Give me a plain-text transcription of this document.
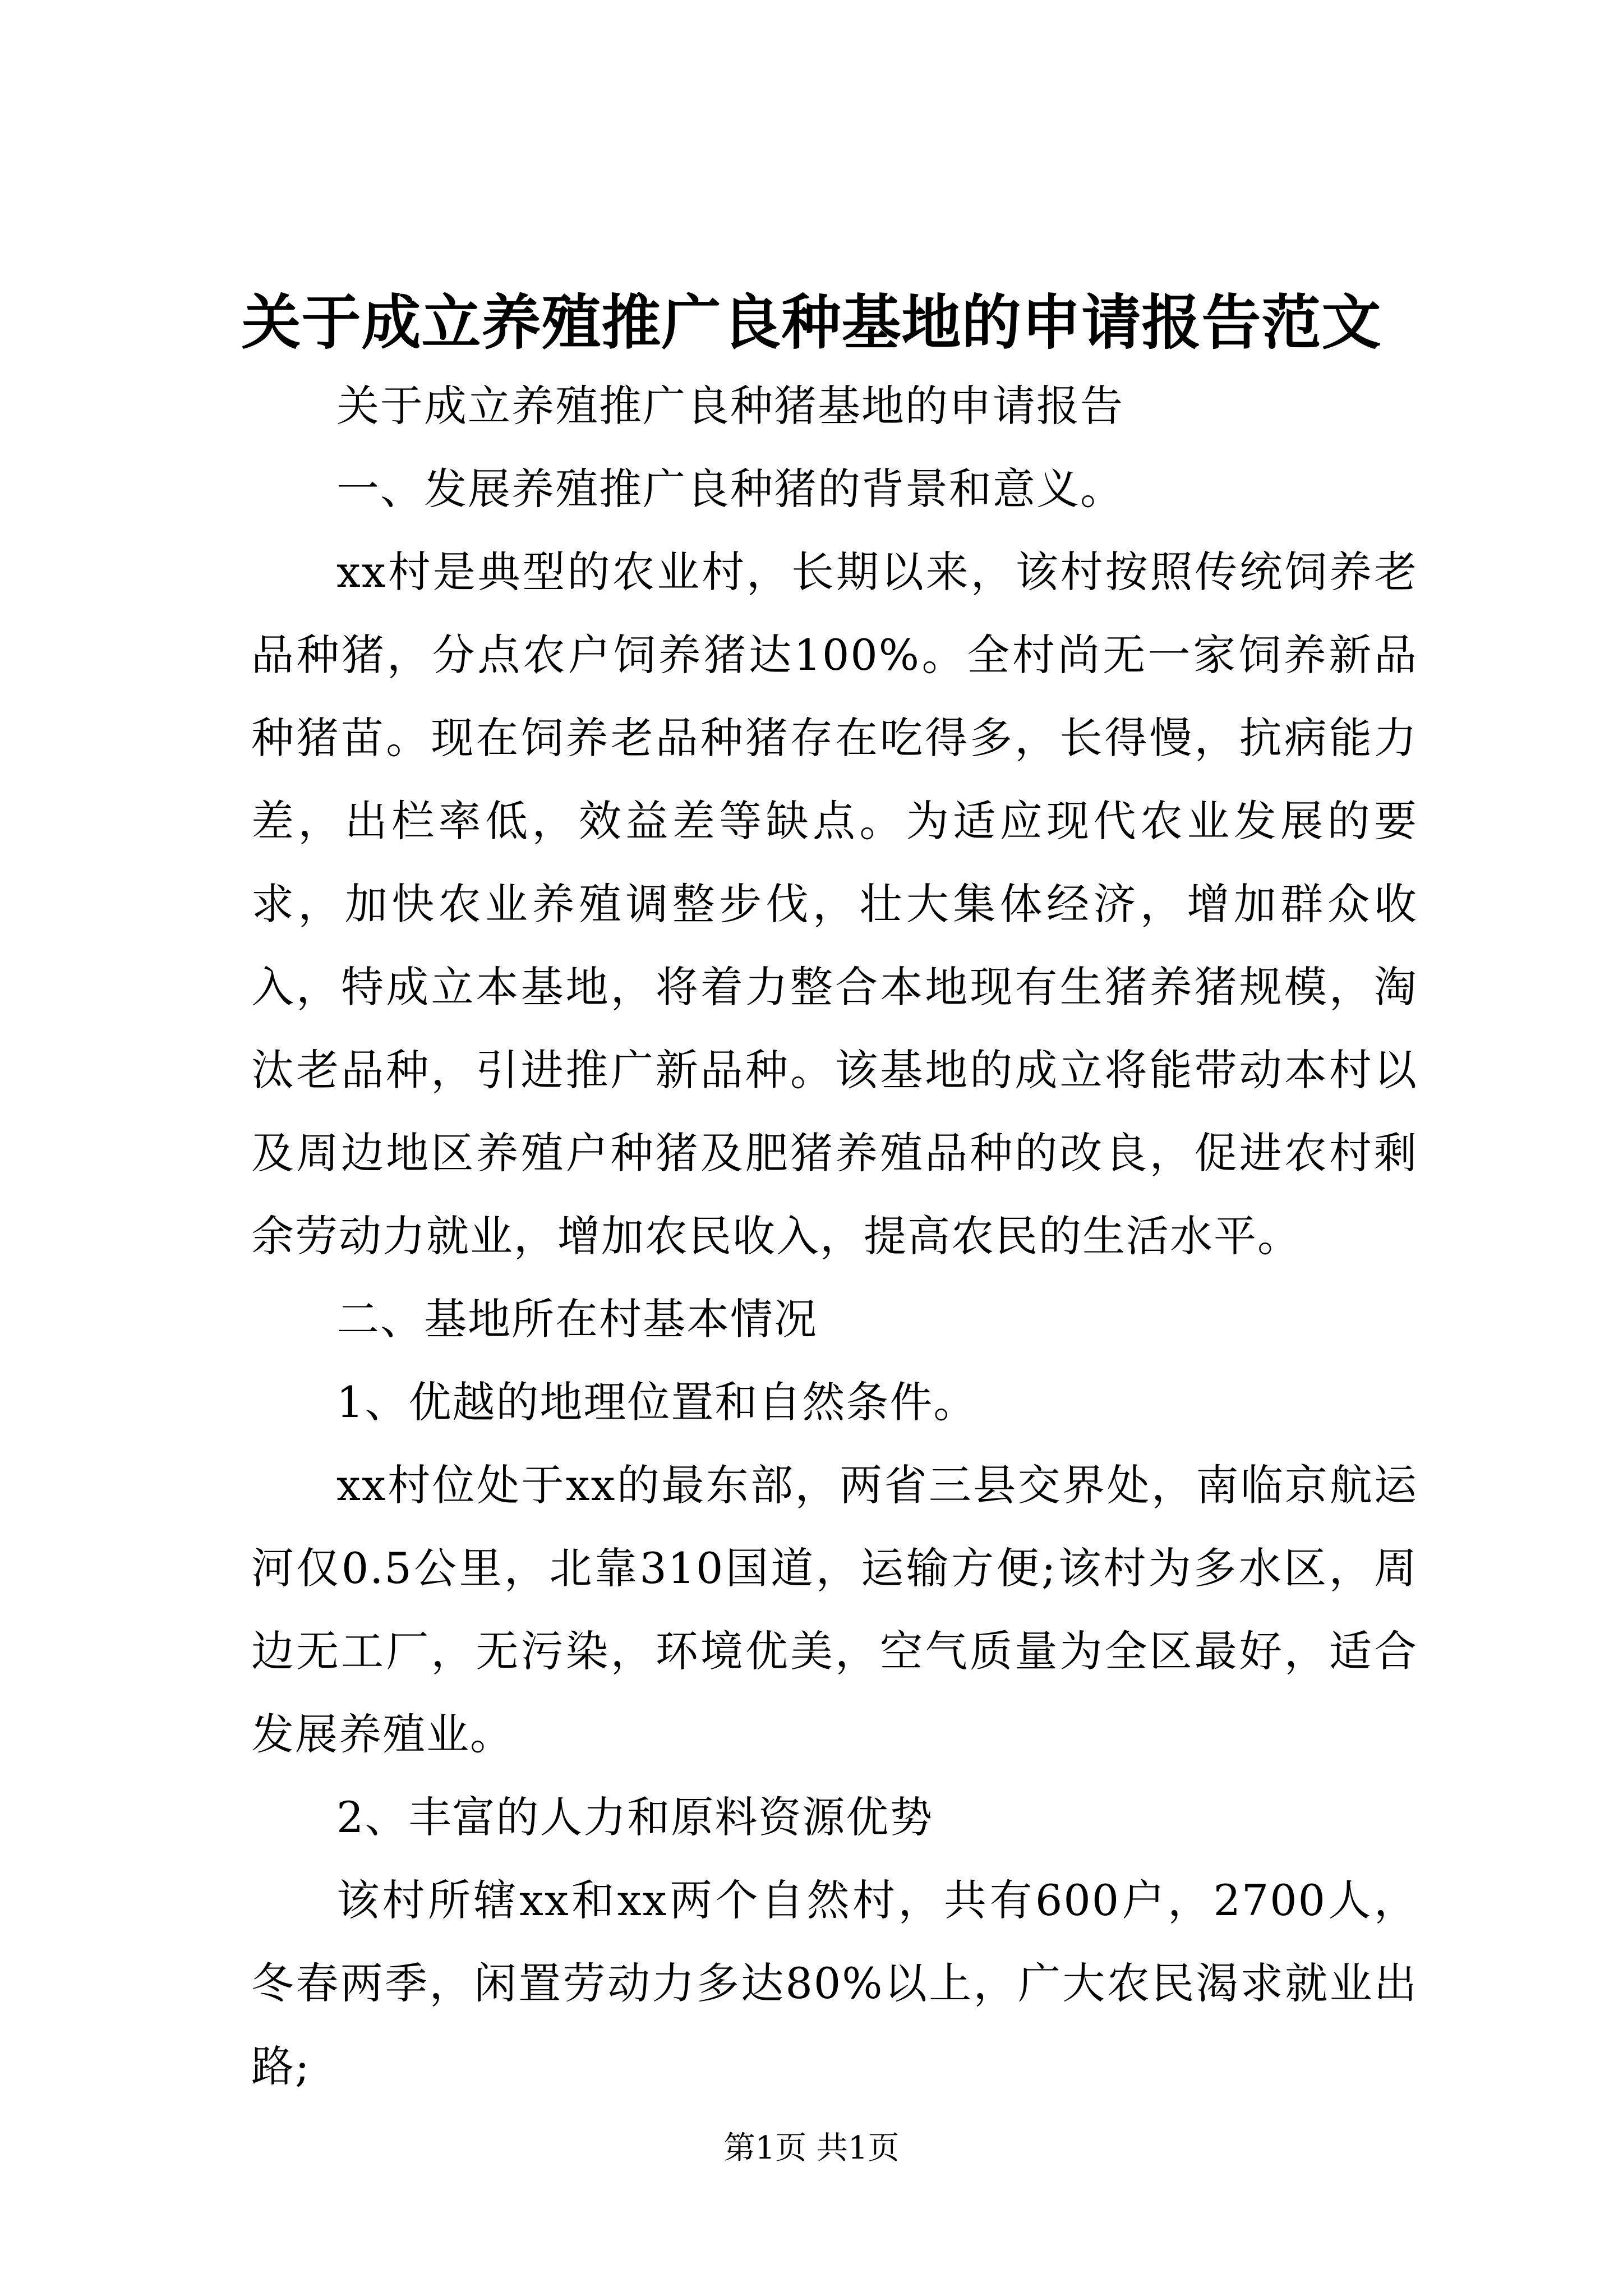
关于成立养殖推广良种基地的申请报告范文

关于成立养殖推广良种猪基地的申请报告

一、发展养殖推广良种猪的背景和意义。

xx村是典型的农业村，长期以来，该村按照传统饲养老品种猪，分点农户饲养猪达100%。全村尚无一家饲养新品种猪苗。现在饲养老品种猪存在吃得多，长得慢，抗病能力差，出栏率低，效益差等缺点。为适应现代农业发展的要求，加快农业养殖调整步伐，壮大集体经济，增加群众收入，特成立本基地，将着力整合本地现有生猪养猪规模，淘汰老品种，引进推广新品种。该基地的成立将能带动本村以及周边地区养殖户种猪及肥猪养殖品种的改良，促进农村剩余劳动力就业，增加农民收入，提高农民的生活水平。

二、基地所在村基本情况

1、优越的地理位置和自然条件。

xx村位处于xx的最东部，两省三县交界处，南临京航运河仅0.5公里，北靠310国道，运输方便;该村为多水区，周边无工厂，无污染，环境优美，空气质量为全区最好，适合发展养殖业。

2、丰富的人力和原料资源优势

该村所辖xx和xx两个自然村，共有600户，2700人，冬春两季，闲置劳动力多达80%以上，广大农民渴求就业出路;

第1页 共1页
